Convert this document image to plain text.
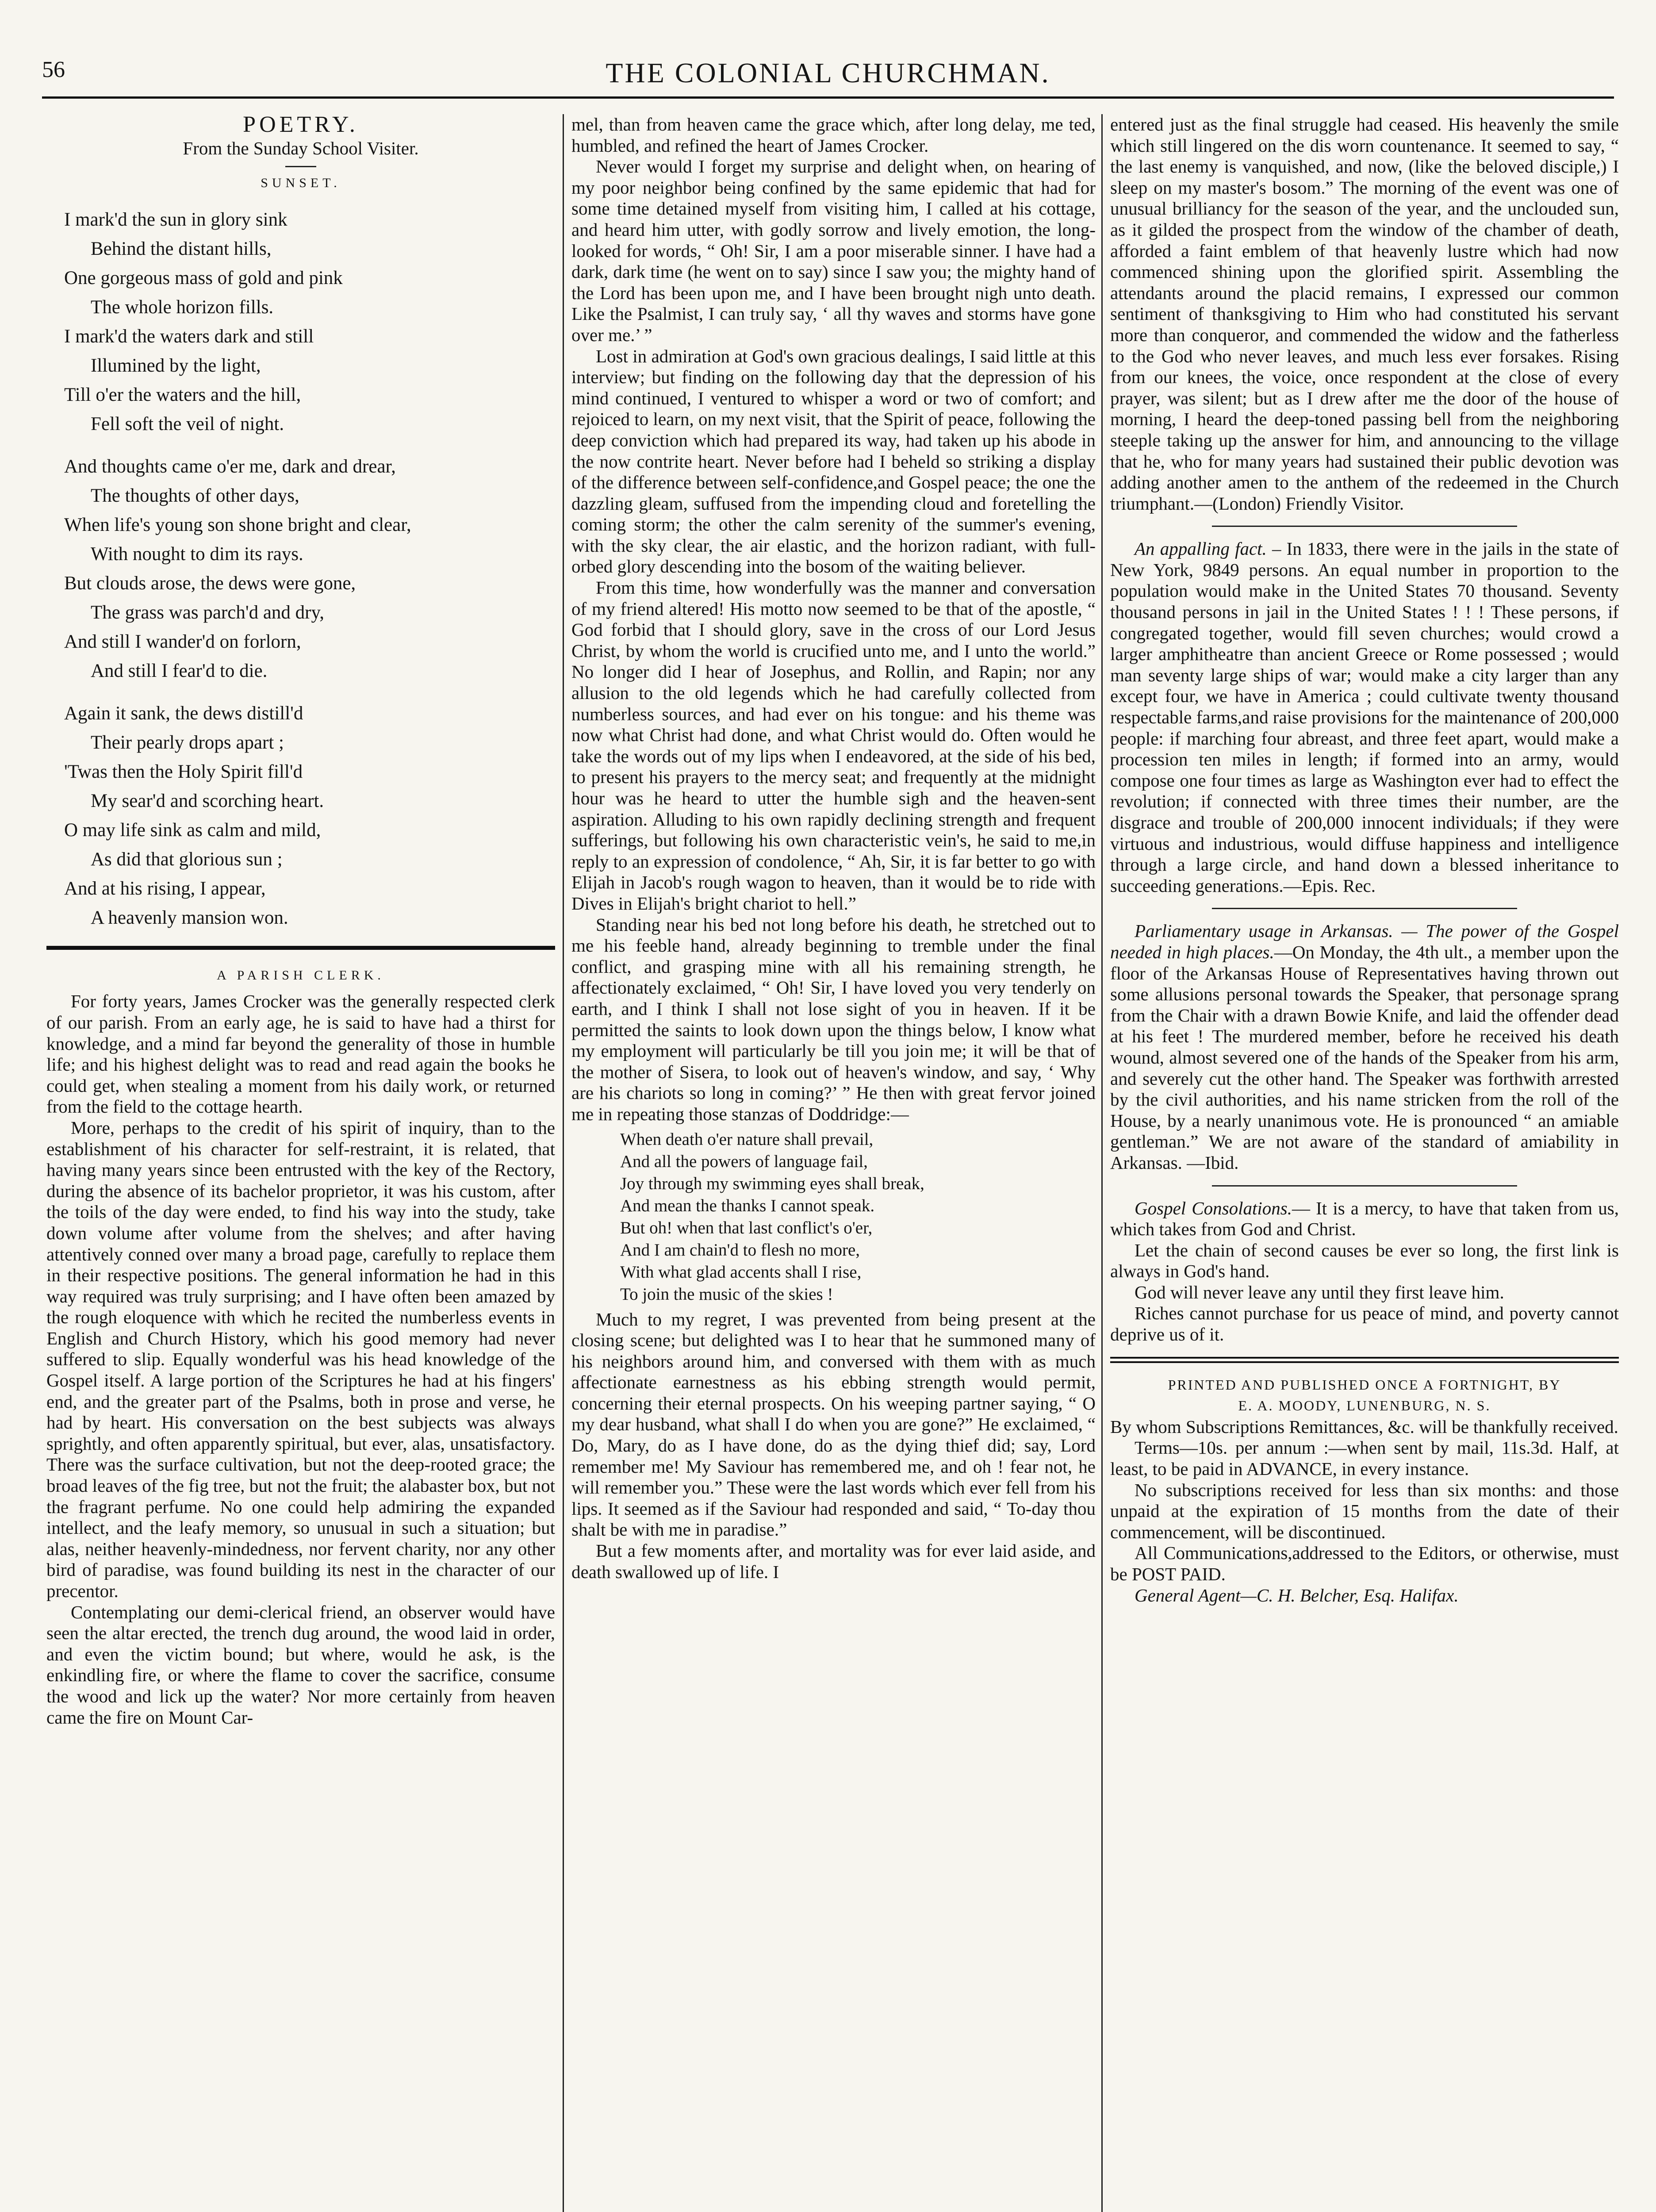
56	THE COLONIAL CHURCHMAN.
POETRY.

From the Sunday School Visiter.

SUNSET.
I mark'd the sun in glory sink
Behind the distant hills,
One gorgeous mass of gold and pink
The whole horizon fills.
I mark'd the waters dark and still
Illumined by the light,
Till o'er the waters and the hill,
Fell soft the veil of night.
And thoughts came o'er me, dark and drear,
The thoughts of other days,
When life's young son shone bright and clear,
With nought to dim its rays.
But clouds arose, the dews were gone,
The grass was parch'd and dry,
And still I wander'd on forlorn,
And still I fear'd to die.
Again it sank, the dews distill'd
Their pearly drops apart ;
'Twas then the Holy Spirit fill'd
My sear'd and scorching heart.
O may life sink as calm and mild,
As did that glorious sun ;
And at his rising, I appear,
A heavenly mansion won.
A PARISH CLERK.

For forty years, James Crocker was the generally respected clerk of our parish. From an early age, he is said to have had a thirst for knowledge, and a mind far beyond the generality of those in humble life; and his highest delight was to read and read again the books he could get, when stealing a moment from his daily work, or returned from the field to the cottage hearth.

More, perhaps to the credit of his spirit of inquiry, than to the establishment of his character for self-restraint, it is related, that having many years since been entrusted with the key of the Rectory, during the absence of its bachelor proprietor, it was his custom, after the toils of the day were ended, to find his way into the study, take down volume after volume from the shelves; and after having attentively conned over many a broad page, carefully to replace them in their respective positions. The general information he had in this way required was truly surprising; and I have often been amazed by the rough eloquence with which he recited the numberless events in English and Church History, which his good memory had never suffered to slip. Equally wonderful was his head knowledge of the Gospel itself. A large portion of the Scriptures he had at his fingers' end, and the greater part of the Psalms, both in prose and verse, he had by heart. His conversation on the best subjects was always sprightly, and often apparently spiritual, but ever, alas, unsatisfactory. There was the surface cultivation, but not the deep-rooted grace; the broad leaves of the fig tree, but not the fruit; the alabaster box, but not the fragrant perfume. No one could help admiring the expanded intellect, and the leafy memory, so unusual in such a situation; but alas, neither heavenly-mindedness, nor fervent charity, nor any other bird of paradise, was found building its nest in the character of our precentor.

Contemplating our demi-clerical friend, an observer would have seen the altar erected, the trench dug around, the wood laid in order, and even the victim bound; but where, would he ask, is the enkindling fire, or where the flame to cover the sacrifice, consume the wood and lick up the water? Nor more certainly from heaven came the fire on Mount Car-

mel, than from heaven came the grace which, after long delay, me ted, humbled, and refined the heart of James Crocker.

Never would I forget my surprise and delight when, on hearing of my poor neighbor being confined by the same epidemic that had for some time detained myself from visiting him, I called at his cottage, and heard him utter, with godly sorrow and lively emotion, the long-looked for words, “ Oh! Sir, I am a poor miserable sinner. I have had a dark, dark time (he went on to say) since I saw you; the mighty hand of the Lord has been upon me, and I have been brought nigh unto death. Like the Psalmist, I can truly say, ‘ all thy waves and storms have gone over me.’ ”

Lost in admiration at God's own gracious dealings, I said little at this interview; but finding on the following day that the depression of his mind continued, I ventured to whisper a word or two of comfort; and rejoiced to learn, on my next visit, that the Spirit of peace, following the deep conviction which had prepared its way, had taken up his abode in the now contrite heart. Never before had I beheld so striking a display of the difference between self-confidence,and Gospel peace; the one the dazzling gleam, suffused from the impending cloud and foretelling the coming storm; the other the calm serenity of the summer's evening, with the sky clear, the air elastic, and the horizon radiant, with full-orbed glory descending into the bosom of the waiting believer.

From this time, how wonderfully was the manner and conversation of my friend altered! His motto now seemed to be that of the apostle, “ God forbid that I should glory, save in the cross of our Lord Jesus Christ, by whom the world is crucified unto me, and I unto the world.” No longer did I hear of Josephus, and Rollin, and Rapin; nor any allusion to the old legends which he had carefully collected from numberless sources, and had ever on his tongue: and his theme was now what Christ had done, and what Christ would do. Often would he take the words out of my lips when I endeavored, at the side of his bed, to present his prayers to the mercy seat; and frequently at the midnight hour was he heard to utter the humble sigh and the heaven-sent aspiration. Alluding to his own rapidly declining strength and frequent sufferings, but following his own characteristic vein's, he said to me,in reply to an expression of condolence, “ Ah, Sir, it is far better to go with Elijah in Jacob's rough wagon to heaven, than it would be to ride with Dives in Elijah's bright chariot to hell.”

Standing near his bed not long before his death, he stretched out to me his feeble hand, already beginning to tremble under the final conflict, and grasping mine with all his remaining strength, he affectionately exclaimed, “ Oh! Sir, I have loved you very tenderly on earth, and I think I shall not lose sight of you in heaven. If it be permitted the saints to look down upon the things below, I know what my employment will particularly be till you join me; it will be that of the mother of Sisera, to look out of heaven's window, and say, ‘ Why are his chariots so long in coming?’ ” He then with great fervor joined me in repeating those stanzas of Doddridge:—

When death o'er nature shall prevail,
And all the powers of language fail,
Joy through my swimming eyes shall break,
And mean the thanks I cannot speak.
But oh! when that last conflict's o'er,
And I am chain'd to flesh no more,
With what glad accents shall I rise,
To join the music of the skies !

Much to my regret, I was prevented from being present at the closing scene; but delighted was I to hear that he summoned many of his neighbors around him, and conversed with them with as much affectionate earnestness as his ebbing strength would permit, concerning their eternal prospects. On his weeping partner saying, “ O my dear husband, what shall I do when you are gone?” He exclaimed, “ Do, Mary, do as I have done, do as the dying thief did; say, Lord remember me! My Saviour has remembered me, and oh ! fear not, he will remember you.” These were the last words which ever fell from his lips. It seemed as if the Saviour had responded and said, “ To-day thou shalt be with me in paradise.”

But a few moments after, and mortality was for ever laid aside, and death swallowed up of life. I

entered just as the final struggle had ceased. His heavenly the smile which still lingered on the dis worn countenance. It seemed to say, “ the last enemy is vanquished, and now, (like the beloved disciple,) I sleep on my master's bosom.” The morning of the event was one of unusual brilliancy for the season of the year, and the unclouded sun, as it gilded the prospect from the window of the chamber of death, afforded a faint emblem of that heavenly lustre which had now commenced shining upon the glorified spirit. Assembling the attendants around the placid remains, I expressed our common sentiment of thanksgiving to Him who had constituted his servant more than conqueror, and commended the widow and the fatherless to the God who never leaves, and much less ever forsakes. Rising from our knees, the voice, once respondent at the close of every prayer, was silent; but as I drew after me the door of the house of morning, I heard the deep-toned passing bell from the neighboring steeple taking up the answer for him, and announcing to the village that he, who for many years had sustained their public devotion was adding another amen to the anthem of the redeemed in the Church triumphant.—(London) Friendly Visitor.

An appalling fact. – In 1833, there were in the jails in the state of New York, 9849 persons. An equal number in proportion to the population would make in the United States 70 thousand. Seventy thousand persons in jail in the United States ! ! ! These persons, if congregated together, would fill seven churches; would crowd a larger amphitheatre than ancient Greece or Rome possessed ; would man seventy large ships of war; would make a city larger than any except four, we have in America ; could cultivate twenty thousand respectable farms,and raise provisions for the maintenance of 200,000 people: if marching four abreast, and three feet apart, would make a procession ten miles in length; if formed into an army, would compose one four times as large as Washington ever had to effect the revolution; if connected with three times their number, are the disgrace and trouble of 200,000 innocent individuals; if they were virtuous and industrious, would diffuse happiness and intelligence through a large circle, and hand down a blessed inheritance to succeeding generations.—Epis. Rec.

Parliamentary usage in Arkansas. — The power of the Gospel needed in high places.—On Monday, the 4th ult., a member upon the floor of the Arkansas House of Representatives having thrown out some allusions personal towards the Speaker, that personage sprang from the Chair with a drawn Bowie Knife, and laid the offender dead at his feet ! The murdered member, before he received his death wound, almost severed one of the hands of the Speaker from his arm, and severely cut the other hand. The Speaker was forthwith arrested by the civil authorities, and his name stricken from the roll of the House, by a nearly unanimous vote. He is pronounced “ an amiable gentleman.” We are not aware of the standard of amiability in Arkansas. —Ibid.

Gospel Consolations.— It is a mercy, to have that taken from us, which takes from God and Christ.

Let the chain of second causes be ever so long, the first link is always in God's hand.

God will never leave any until they first leave him.

Riches cannot purchase for us peace of mind, and poverty cannot deprive us of it.

PRINTED AND PUBLISHED ONCE A FORTNIGHT, BY

E. A. MOODY, LUNENBURG, N. S.

By whom Subscriptions Remittances, &c. will be thankfully received.

Terms—10s. per annum :—when sent by mail, 11s.3d. Half, at least, to be paid in ADVANCE, in every instance.

No subscriptions received for less than six months: and those unpaid at the expiration of 15 months from the date of their commencement, will be discontinued.

All Communications,addressed to the Editors, or otherwise, must be POST PAID.

General Agent—C. H. Belcher, Esq. Halifax.
